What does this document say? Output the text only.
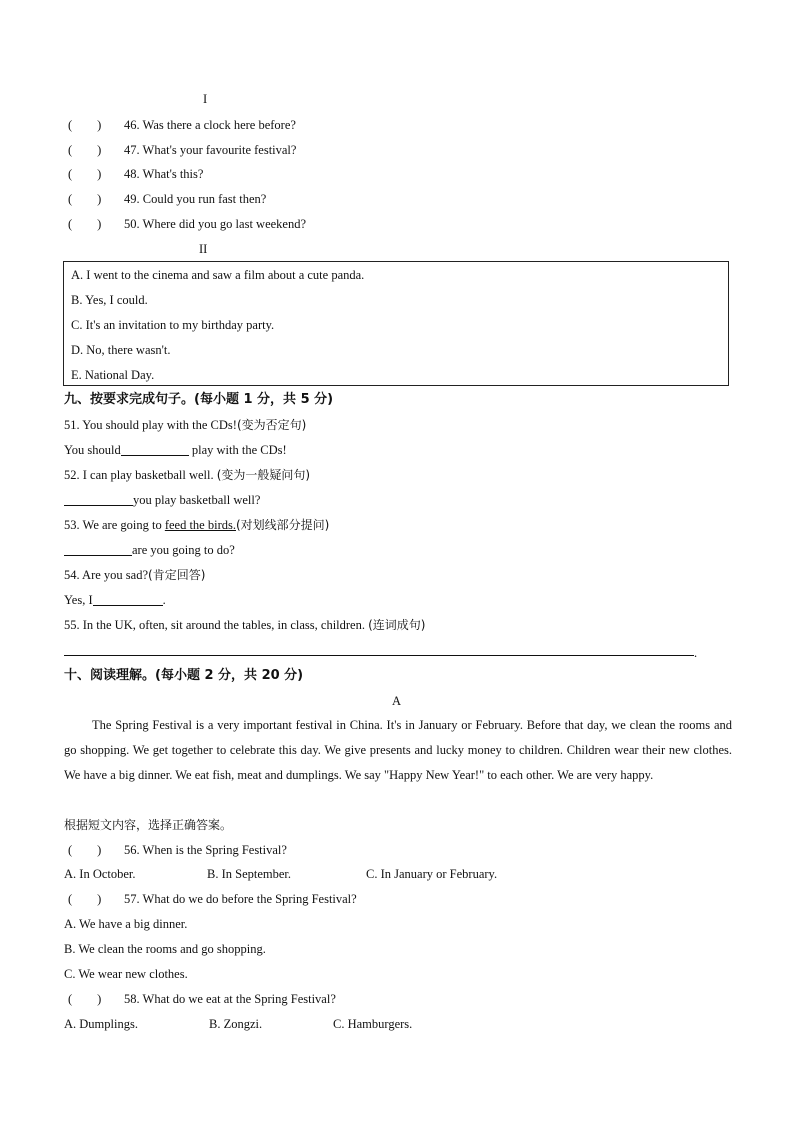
I
(　　) 46. Was there a clock here before?
(　　) 47. What's your favourite festival?
(　　) 48. What's this?
(　　) 49. Could you run fast then?
(　　) 50. Where did you go last weekend?
II
A. I went to the cinema and saw a film about a cute panda.
B. Yes, I could.
C. It's an invitation to my birthday party.
D. No, there wasn't.
E. National Day.
九、按要求完成句子。(每小题 1 分，共 5 分)
51. You should play with the CDs!(变为否定句)
You should	play with the CDs!
52. I can play basketball well. (变为一般疑问句)
you play basketball well?
53. We are going to feed the birds.(对划线部分提问)
are you going to do?
54. Are you sad?(肯定回答)
Yes, I	.
55. In the UK, often, sit around the tables, in class, children. (连词成句)
.
十、阅读理解。(每小题 2 分，共 20 分)
A
The Spring Festival is a very important festival in China. It's in January or February. Before that day, we clean the rooms and go shopping. We get together to celebrate this day. We give presents and lucky money to children. Children wear their new clothes. We have a big dinner. We eat fish, meat and dumplings. We say "Happy New Year!" to each other. We are very happy.
根据短文内容，选择正确答案。
(　　) 56. When is the Spring Festival?
A. In October.	B. In September.	C. In January or February.
(　　) 57. What do we do before the Spring Festival?
A. We have a big dinner.
B. We clean the rooms and go shopping.
C. We wear new clothes.
(　　) 58. What do we eat at the Spring Festival?
A. Dumplings.	B. Zongzi.	C. Hamburgers.
